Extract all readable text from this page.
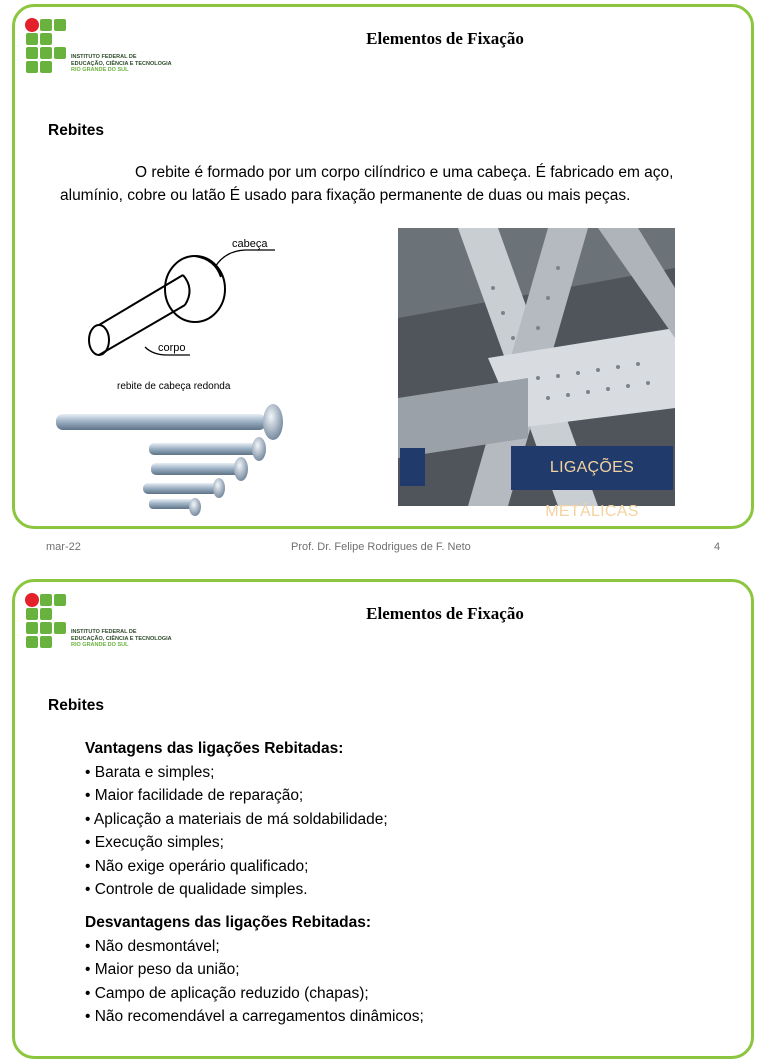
INSTITUTO FEDERAL DE
EDUCAÇÃO, CIÊNCIA E TECNOLOGIA
RIO GRANDE DO SUL
Elementos de Fixação
Rebites

O rebite é formado por um corpo cilíndrico e uma cabeça. É fabricado em aço, alumínio, cobre ou latão É usado para fixação permanente de duas ou mais peças.

cabeça
corpo
rebite de cabeça redonda
LIGAÇÕES METÁLICAS
mar-22	Prof. Dr. Felipe Rodrigues de F. Neto	4
INSTITUTO FEDERAL DE
EDUCAÇÃO, CIÊNCIA E TECNOLOGIA
RIO GRANDE DO SUL
Elementos de Fixação
Rebites
Vantagens das ligações Rebitadas:
• Barata e simples;
• Maior facilidade de reparação;
• Aplicação a materiais de má soldabilidade;
• Execução simples;
• Não exige operário qualificado;
• Controle de qualidade simples.
Desvantagens das ligações Rebitadas:
• Não desmontável;
• Maior peso da união;
• Campo de aplicação reduzido (chapas);
• Não recomendável a carregamentos dinâmicos;
